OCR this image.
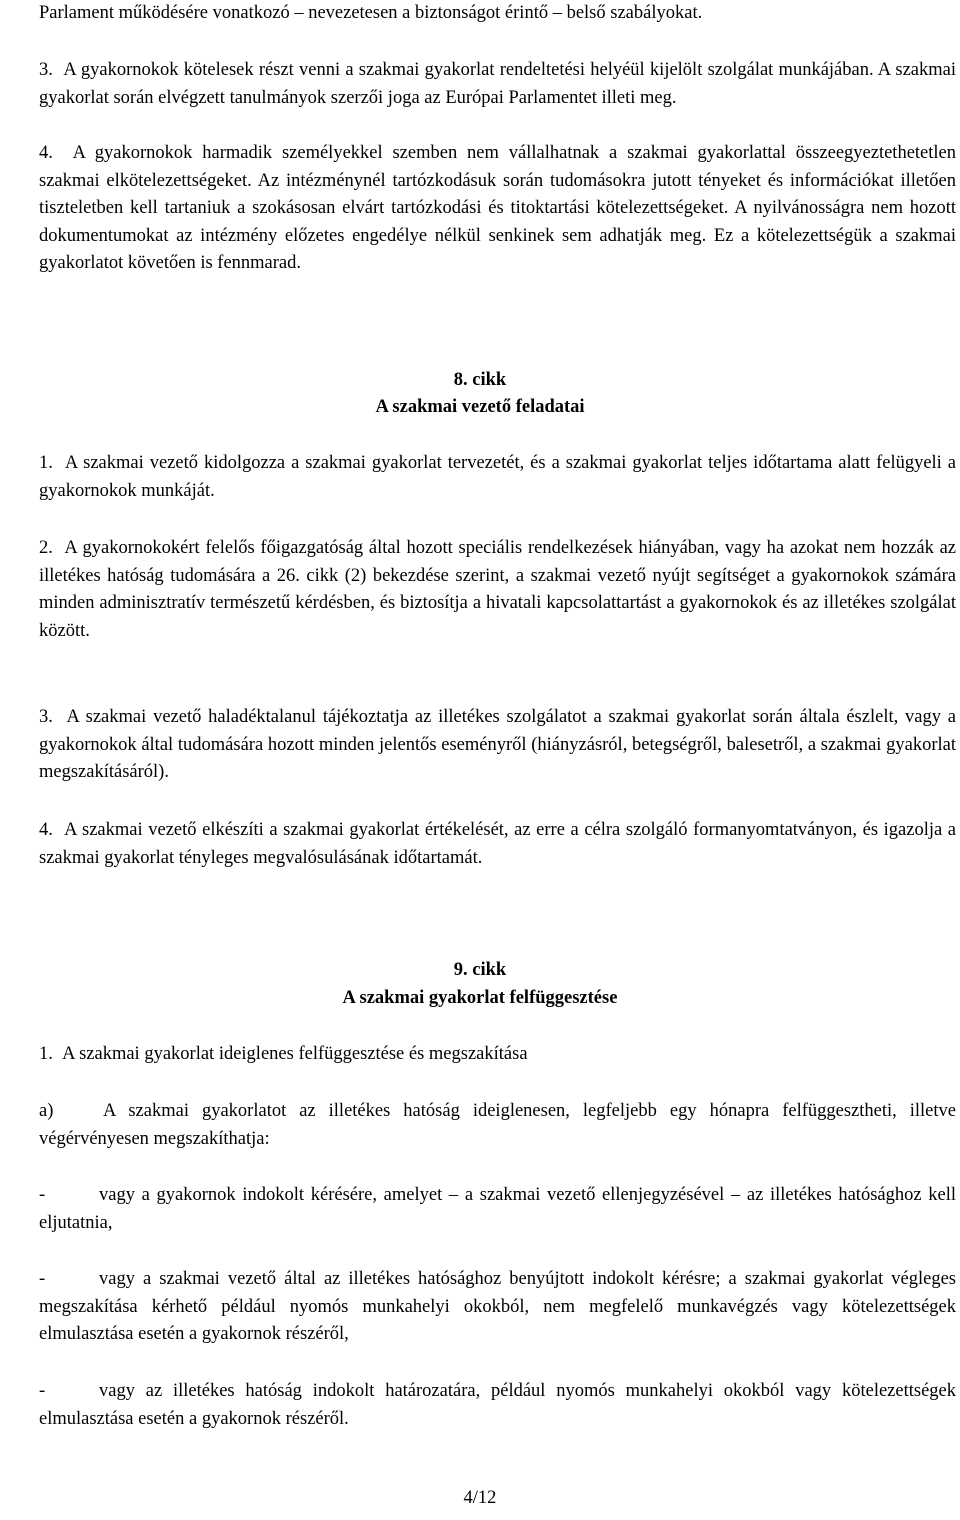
Parlament működésére vonatkozó – nevezetesen a biztonságot érintő – belső szabályokat.

3. A gyakornokok kötelesek részt venni a szakmai gyakorlat rendeltetési helyéül kijelölt szolgálat munkájában. A szakmai gyakorlat során elvégzett tanulmányok szerzői joga az Európai Parlamentet illeti meg.

4. A gyakornokok harmadik személyekkel szemben nem vállalhatnak a szakmai gyakorlattal összeegyeztethetetlen szakmai elkötelezettségeket. Az intézménynél tartózkodásuk során tudomásokra jutott tényeket és információkat illetően tiszteletben kell tartaniuk a szokásosan elvárt tartózkodási és titoktartási kötelezettségeket. A nyilvánosságra nem hozott dokumentumokat az intézmény előzetes engedélye nélkül senkinek sem adhatják meg. Ez a kötelezettségük a szakmai gyakorlatot követően is fennmarad.

8. cikk

A szakmai vezető feladatai

1. A szakmai vezető kidolgozza a szakmai gyakorlat tervezetét, és a szakmai gyakorlat teljes időtartama alatt felügyeli a gyakornokok munkáját.

2. A gyakornokokért felelős főigazgatóság által hozott speciális rendelkezések hiányában, vagy ha azokat nem hozzák az illetékes hatóság tudomására a 26. cikk (2) bekezdése szerint, a szakmai vezető nyújt segítséget a gyakornokok számára minden adminisztratív természetű kérdésben, és biztosítja a hivatali kapcsolattartást a gyakornokok és az illetékes szolgálat között.

3. A szakmai vezető haladéktalanul tájékoztatja az illetékes szolgálatot a szakmai gyakorlat során általa észlelt, vagy a gyakornokok által tudomására hozott minden jelentős eseményről (hiányzásról, betegségről, balesetről, a szakmai gyakorlat megszakításáról).

4. A szakmai vezető elkészíti a szakmai gyakorlat értékelését, az erre a célra szolgáló formanyomtatványon, és igazolja a szakmai gyakorlat tényleges megvalósulásának időtartamát.

9. cikk

A szakmai gyakorlat felfüggesztése

1. A szakmai gyakorlat ideiglenes felfüggesztése és megszakítása

a)	A szakmai gyakorlatot az illetékes hatóság ideiglenesen, legfeljebb egy hónapra felfüggesztheti, illetve végérvényesen megszakíthatja:

-	vagy a gyakornok indokolt kérésére, amelyet – a szakmai vezető ellenjegyzésével – az illetékes hatósághoz kell eljutatnia,

-	vagy a szakmai vezető által az illetékes hatósághoz benyújtott indokolt kérésre; a szakmai gyakorlat végleges megszakítása kérhető például nyomós munkahelyi okokból, nem megfelelő munkavégzés vagy kötelezettségek elmulasztása esetén a gyakornok részéről,

-	vagy az illetékes hatóság indokolt határozatára, például nyomós munkahelyi okokból vagy kötelezettségek elmulasztása esetén a gyakornok részéről.

4/12
